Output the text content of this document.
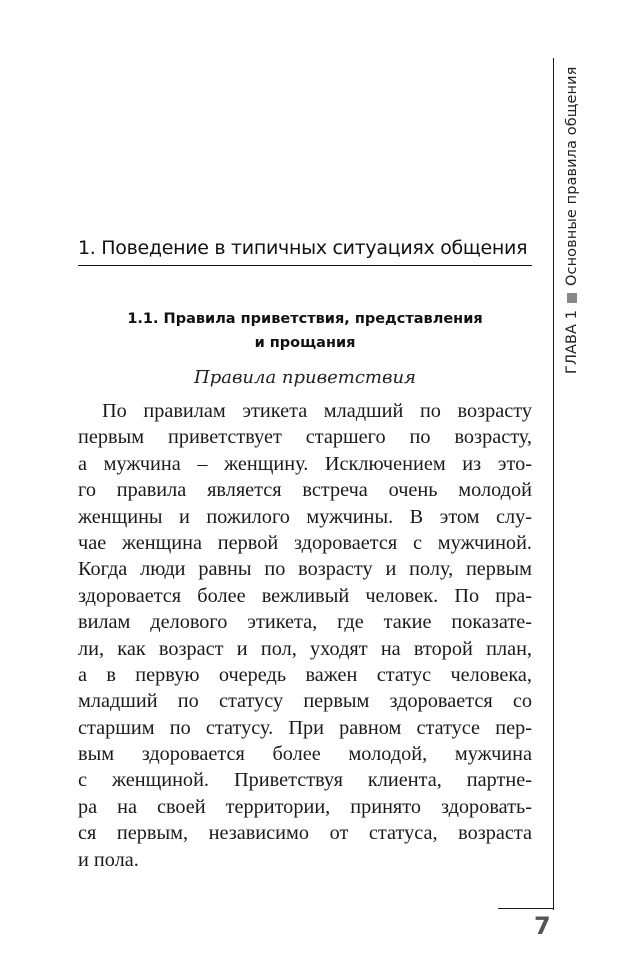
ГЛАВА 1
Основные правила общения
1. Поведение в типичных ситуациях общения
1.1. Правила приветствия, представления
и прощания
Правила приветствия
По правилам этикета младший по возрасту
первым приветствует старшего по возрасту,
а мужчина – женщину. Исключением из это-
го правила является встреча очень молодой
женщины и пожилого мужчины. В этом слу-
чае женщина первой здоровается с мужчиной.
Когда люди равны по возрасту и полу, первым
здоровается более вежливый человек. По пра-
вилам делового этикета, где такие показате-
ли, как возраст и пол, уходят на второй план,
а в первую очередь важен статус человека,
младший по статусу первым здоровается со
старшим по статусу. При равном статусе пер-
вым здоровается более молодой, мужчина
с женщиной. Приветствуя клиента, партне-
ра на своей территории, принято здоровать-
ся первым, независимо от статуса, возраста
и пола.
7
